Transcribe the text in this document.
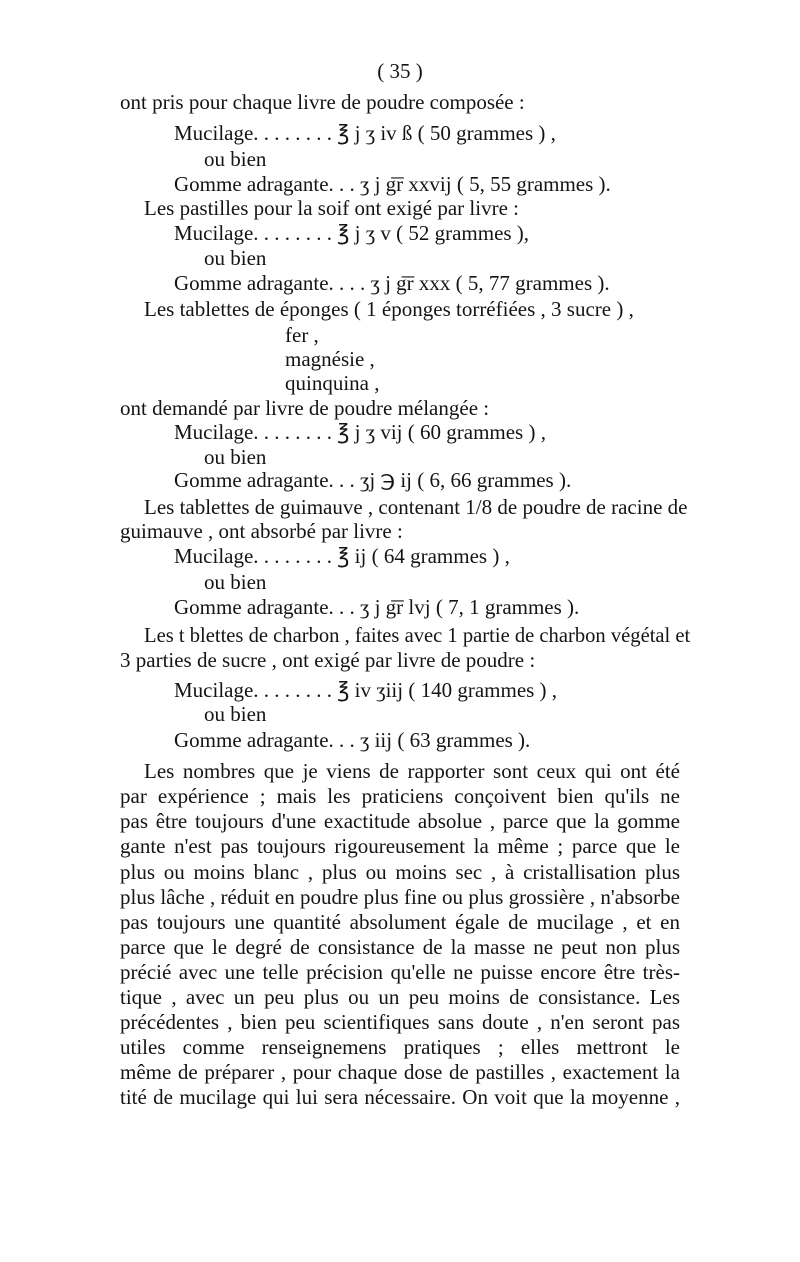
( 35 )
ont pris pour chaque livre de poudre composée :
Mucilage. . . . . . . . ℥ j ʒ iv ß ( 50 grammes ) ,
ou bien
Gomme adragante. . . ʒ j g͞r xxvij ( 5, 55 grammes ).
Les pastilles pour la soif ont exigé par livre :
Mucilage. . . . . . . . ℥ j ʒ v ( 52 grammes ),
ou bien
Gomme adragante. . . . ʒ j g͞r xxx ( 5, 77 grammes ).
Les tablettes de éponges ( 1 éponges torréfiées , 3 sucre ) ,
fer ,
magnésie ,
quinquina ,
ont demandé par livre de poudre mélangée :
Mucilage. . . . . . . . ℥ j ʒ vij ( 60 grammes ) ,
ou bien
Gomme adragante. . . ʒj ℈ ij ( 6, 66 grammes ).
Les tablettes de guimauve , contenant 1/8 de poudre de racine de
guimauve , ont absorbé par livre :
Mucilage. . . . . . . . ℥ ij ( 64 grammes ) ,
ou bien
Gomme adragante. . . ʒ j g͞r lvj ( 7, 1 grammes ).
Les t blettes de charbon , faites avec 1 partie de charbon végétal et
3 parties de sucre , ont exigé par livre de poudre :
Mucilage. . . . . . . . ℥ iv ʒiij ( 140 grammes ) ,
ou bien
Gomme adragante. . . ʒ iij ( 63 grammes ).
Les nombres que je viens de rapporter sont ceux qui ont été
par expérience ; mais les praticiens conçoivent bien qu'ils ne
pas être toujours d'une exactitude absolue , parce que la gomme
gante n'est pas toujours rigoureusement la même ; parce que le
plus ou moins blanc , plus ou moins sec , à cristallisation plus
plus lâche , réduit en poudre plus fine ou plus grossière , n'absorbe
pas toujours une quantité absolument égale de mucilage , et en
parce que le degré de consistance de la masse ne peut non plus
précié avec une telle précision qu'elle ne puisse encore être très-
tique , avec un peu plus ou un peu moins de consistance. Les
précédentes , bien peu scientifiques sans doute , n'en seront pas
utiles comme renseignemens pratiques ; elles mettront le
même de préparer , pour chaque dose de pastilles , exactement la
tité de mucilage qui lui sera nécessaire. On voit que la moyenne ,
